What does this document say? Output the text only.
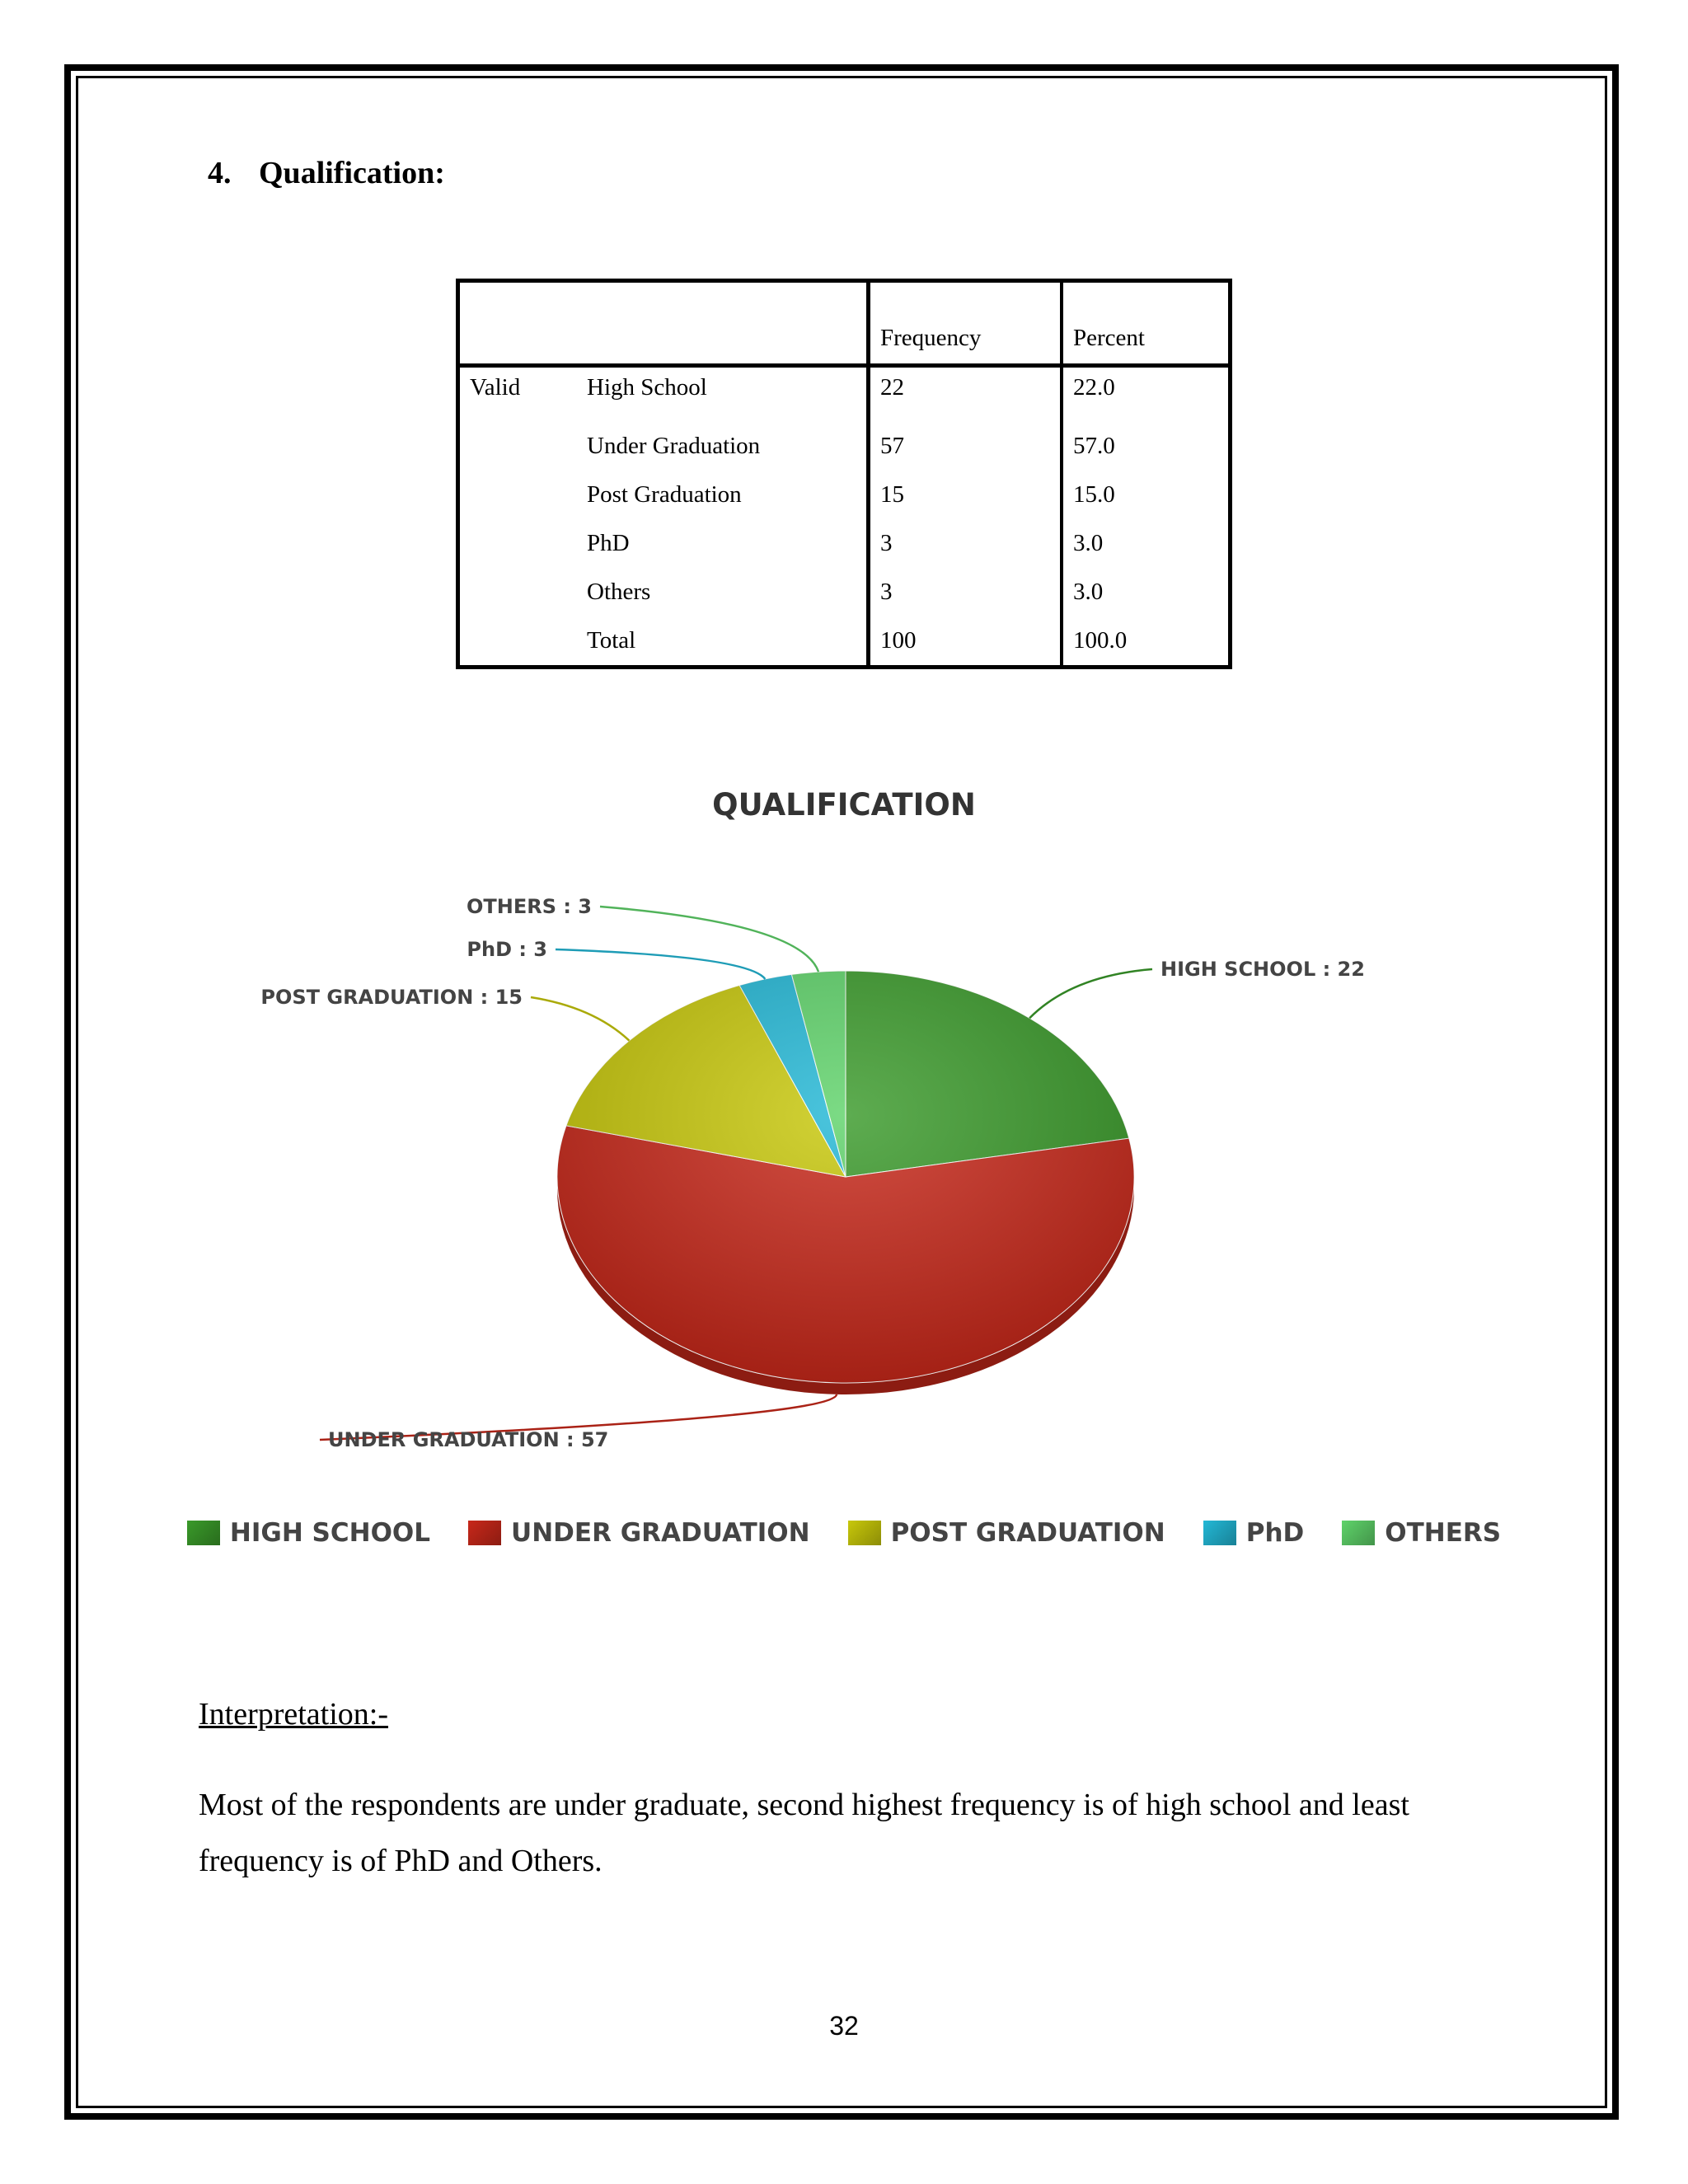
4. Qualification:
		Frequency	Percent
Valid	High School	22	22.0
	Under Graduation	57	57.0
	Post Graduation	15	15.0
	PhD	3	3.0
	Others	3	3.0
	Total	100	100.0
QUALIFICATION
HIGH SCHOOL : 22
UNDER GRADUATION : 57
POST GRADUATION : 15
PhD : 3
OTHERS : 3
HIGH SCHOOL	UNDER GRADUATION	POST GRADUATION	PhD	OTHERS
Interpretation:-
Most of the respondents are under graduate, second highest frequency is of high school and least frequency is of PhD and Others.
32
